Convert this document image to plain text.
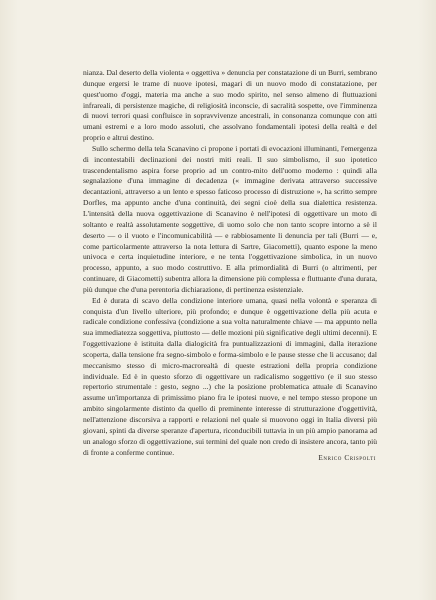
nianza. Dal deserto della violenta « oggettiva » denuncia per constatazione di un Burri, sembrano dunque ergersi le trame di nuove ipotesi, magari di un nuovo modo di constatazione, per quest'uomo d'oggi, materia ma anche a suo modo spirito, nel senso almeno di fluttuazioni infrareali, di persistenze magiche, di religiosità inconscie, di sacralità sospette, ove l'imminenza di nuovi terrori quasi confluisce in sopravvivenze ancestrali, in consonanza comunque con atti umani estremi e a loro modo assoluti, che assolvano fondamentali ipotesi della realtà e del proprio e altrui destino.

Sullo schermo della tela Scanavino ci propone i portati di evocazioni illuminanti, l'emergenza di incontestabili declinazioni dei nostri miti reali. Il suo simbolismo, il suo ipotetico trascendentalismo aspira forse proprio ad un contro-mito dell'uomo moderno : quindi alla segnalazione d'una immagine di decadenza (« immagine derivata attraverso successive decantazioni, attraverso a un lento e spesso faticoso processo di distruzione », ha scritto sempre Dorfles, ma appunto anche d'una continuità, dei segni cioè della sua dialettica resistenza. L'intensità della nuova oggettivazione di Scanavino è nell'ipotesi di oggettivare un moto di soltanto e realtà assolutamente soggettive, di uomo solo che non tanto scopre intorno a sè il deserto — o il vuoto e l'incomunicabilità — e rabbiosamente li denuncia per tali (Burri — e, come particolarmente attraverso la nota lettura di Sartre, Giacometti), quanto espone la meno univoca e certa inquietudine interiore, e ne tenta l'oggettivazione simbolica, in un nuovo processo, appunto, a suo modo costruttivo. E alla primordialità di Burri (o altrimenti, per continuare, di Giacometti) subentra allora la dimensione più complessa e fluttuante d'una durata, più dunque che d'una perentoria dichiarazione, di pertinenza esistenziale.

Ed è durata di scavo della condizione interiore umana, quasi nella volontà e speranza di conquista d'un livello ulteriore, più profondo; e dunque è oggettivazione della più acuta e radicale condizione confessiva (condizione a sua volta naturalmente chiave — ma appunto nella sua immediatezza soggettiva, piuttosto — delle mozioni più significative degli ultimi decenni). E l'oggettivazione è istituita dalla dialogicità fra puntualizzazioni di immagini, dalla iterazione scoperta, dalla tensione fra segno-simbolo e forma-simbolo e le pause stesse che li accusano; dal meccanismo stesso di micro-macrorealtà di queste estrazioni della propria condizione individuale. Ed è in questo sforzo di oggettivare un radicalismo soggettivo (e il suo stesso repertorio strumentale : gesto, segno ...) che la posizione problematica attuale di Scanavino assume un'importanza di primissimo piano fra le ipotesi nuove, e nel tempo stesso propone un ambito singolarmente distinto da quello di preminente interesse di strutturazione d'oggettività, nell'attenzione discorsiva a rapporti e relazioni nel quale si muovono oggi in Italia diversi più giovani, spinti da diverse speranze d'apertura, riconducibili tuttavia in un più ampio panorama ad un analogo sforzo di oggettivazione, sui termini del quale non credo di insistere ancora, tanto più di fronte a conferme continue.

Enrico Crispolti
